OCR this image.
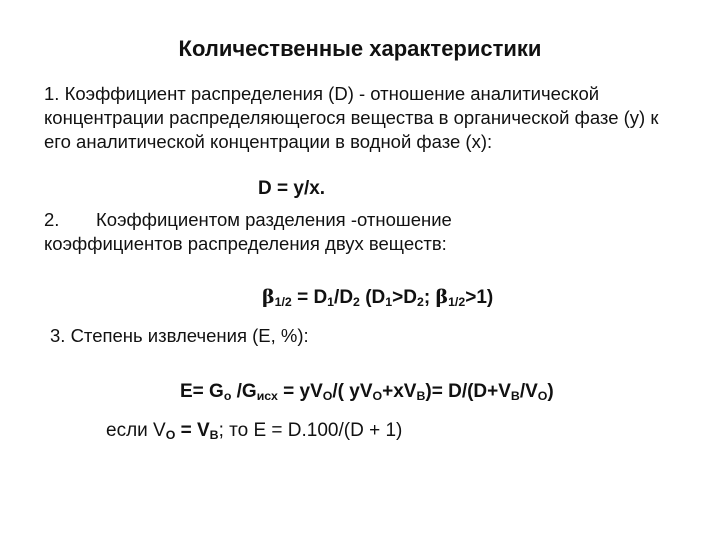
Количественные характеристики
1. Коэффициент распределения (D) - отношение аналитической концентрации распределяющегося вещества в органической фазе (у) к его аналитической концентрации в водной фазе (х):
D = y/x.
2. Коэффициентом разделения -отношение
коэффициентов распределения двух веществ:
$\beta_{1/2} = D_1/D_2$ ($D_1>D_2$; $\beta_{1/2}>1$)
3. Степень извлечения (Е, %):
$E= G_o$ $/G_{исх} = yV_O/$( $yV_O+xV_B)= D/(D+V_B/V_O)$
если $V_O = V_B$; то E = D.100/(D + 1)
